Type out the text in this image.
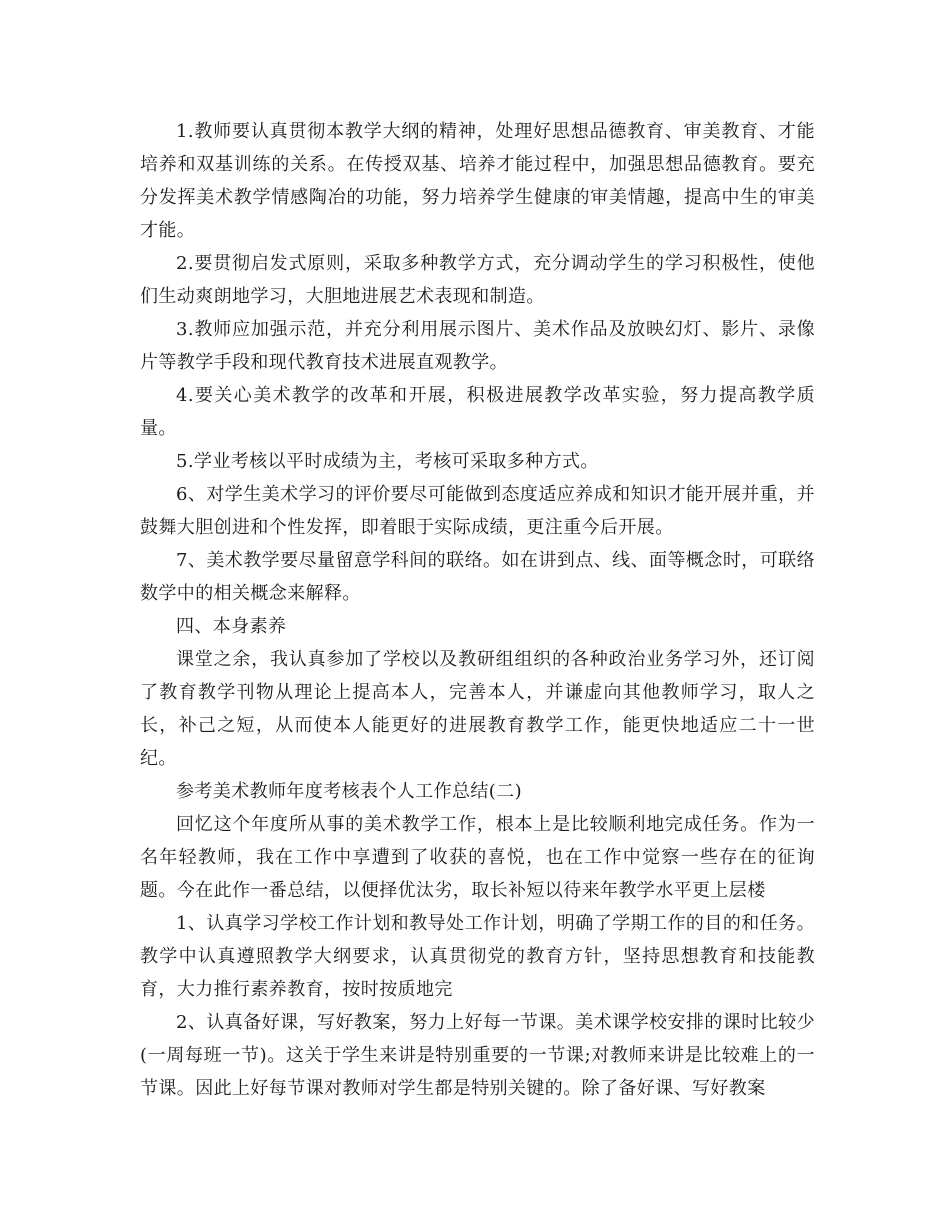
1.教师要认真贯彻本教学大纲的精神，处理好思想品德教育、审美教育、才能培养和双基训练的关系。在传授双基、培养才能过程中，加强思想品德教育。要充分发挥美术教学情感陶冶的功能，努力培养学生健康的审美情趣，提高中生的审美才能。

2.要贯彻启发式原则，采取多种教学方式，充分调动学生的学习积极性，使他们生动爽朗地学习，大胆地进展艺术表现和制造。

3.教师应加强示范，并充分利用展示图片、美术作品及放映幻灯、影片、录像片等教学手段和现代教育技术进展直观教学。

4.要关心美术教学的改革和开展，积极进展教学改革实验，努力提高教学质量。

5.学业考核以平时成绩为主，考核可采取多种方式。

6、对学生美术学习的评价要尽可能做到态度适应养成和知识才能开展并重，并鼓舞大胆创进和个性发挥，即着眼于实际成绩，更注重今后开展。

7、美术教学要尽量留意学科间的联络。如在讲到点、线、面等概念时，可联络数学中的相关概念来解释。

四、本身素养

课堂之余，我认真参加了学校以及教研组组织的各种政治业务学习外，还订阅了教育教学刊物从理论上提高本人，完善本人，并谦虚向其他教师学习，取人之长，补己之短，从而使本人能更好的进展教育教学工作，能更快地适应二十一世纪。

参考美术教师年度考核表个人工作总结(二)

回忆这个年度所从事的美术教学工作，根本上是比较顺利地完成任务。作为一名年轻教师，我在工作中享遭到了收获的喜悦，也在工作中觉察一些存在的征询题。今在此作一番总结，以便择优汰劣，取长补短以待来年教学水平更上层楼

1、认真学习学校工作计划和教导处工作计划，明确了学期工作的目的和任务。教学中认真遵照教学大纲要求，认真贯彻党的教育方针，坚持思想教育和技能教育，大力推行素养教育，按时按质地完

2、认真备好课，写好教案，努力上好每一节课。美术课学校安排的课时比较少(一周每班一节)。这关于学生来讲是特别重要的一节课;对教师来讲是比较难上的一节课。因此上好每节课对教师对学生都是特别关键的。除了备好课、写好教案
